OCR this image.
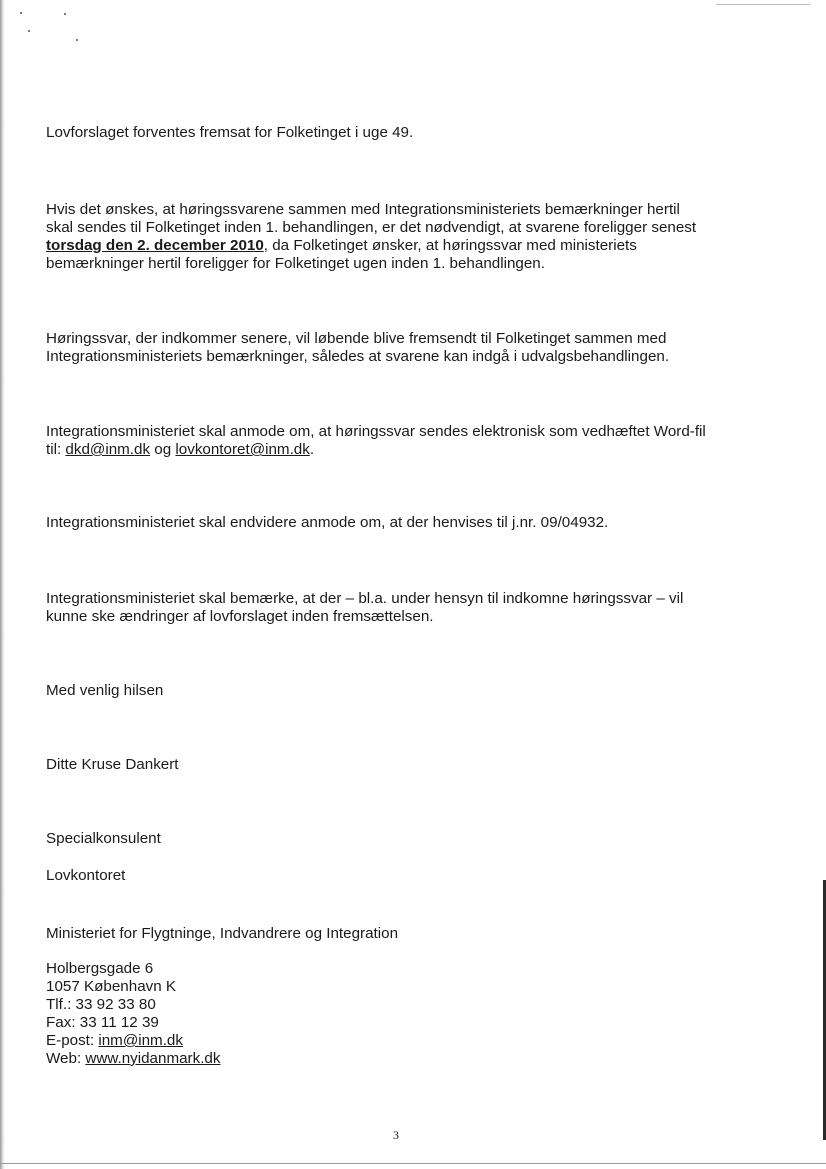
Lovforslaget forventes fremsat for Folketinget i uge 49.

Hvis det ønskes, at høringssvarene sammen med Integrationsministeriets bemærkninger hertil
skal sendes til Folketinget inden 1. behandlingen, er det nødvendigt, at svarene foreligger senest
torsdag den 2. december 2010, da Folketinget ønsker, at høringssvar med ministeriets
bemærkninger hertil foreligger for Folketinget ugen inden 1. behandlingen.

Høringssvar, der indkommer senere, vil løbende blive fremsendt til Folketinget sammen med
Integrationsministeriets bemærkninger, således at svarene kan indgå i udvalgsbehandlingen.

Integrationsministeriet skal anmode om, at høringssvar sendes elektronisk som vedhæftet Word-fil
til: dkd@inm.dk og lovkontoret@inm.dk.

Integrationsministeriet skal endvidere anmode om, at der henvises til j.nr. 09/04932.

Integrationsministeriet skal bemærke, at der – bl.a. under hensyn til indkomne høringssvar – vil
kunne ske ændringer af lovforslaget inden fremsættelsen.

Med venlig hilsen

Ditte Kruse Dankert

Specialkonsulent

Lovkontoret

Ministeriet for Flygtninge, Indvandrere og Integration

Holbergsgade 6
1057 København K
Tlf.: 33 92 33 80
Fax: 33 11 12 39
E-post: inm@inm.dk
Web: www.nyidanmark.dk
3
